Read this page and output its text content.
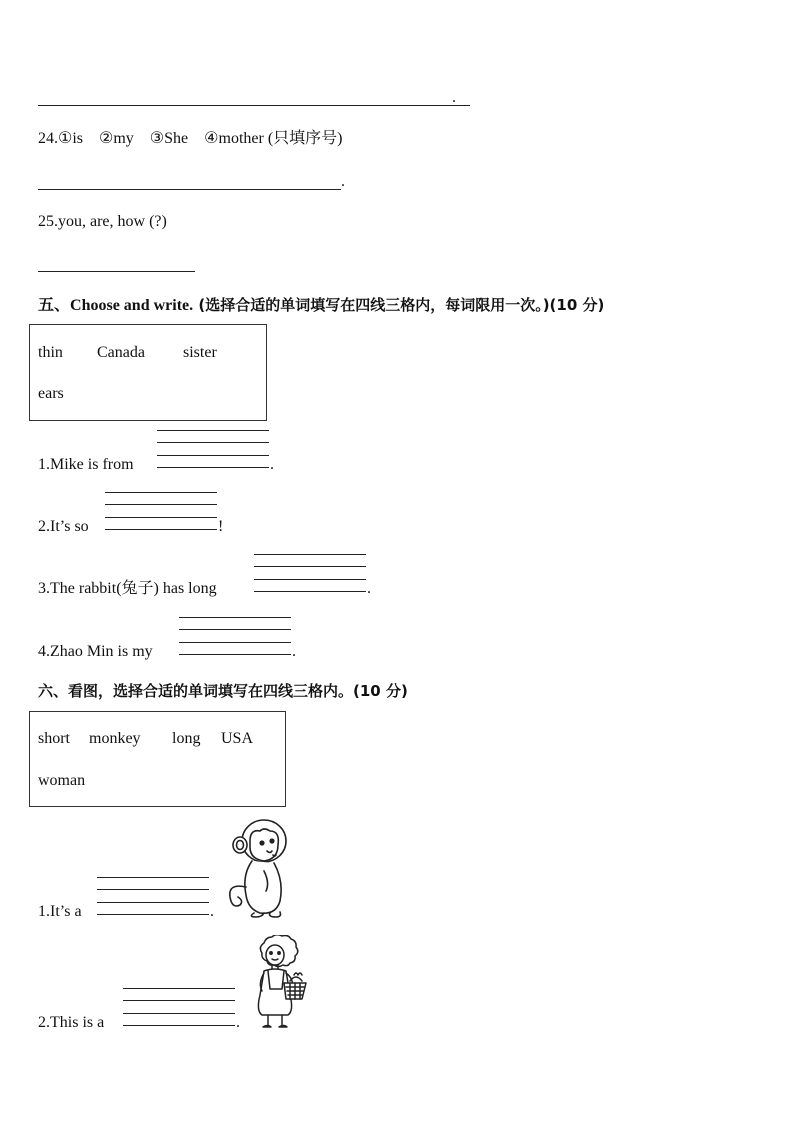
.
24.①is　②my　③She　④mother (只填序号)
.
25.you, are, how (?)
五、Choose and write. (选择合适的单词填写在四线三格内，每词限用一次。)(10 分)
thin Canada sister
ears
1.Mike is from	.
2.It’s so	!
3.The rabbit(兔子) has long	.
4.Zhao Min is my	.
六、看图，选择合适的单词填写在四线三格内。(10 分)
short monkey long USA
woman
1.It’s a	.
2.This is a	.
